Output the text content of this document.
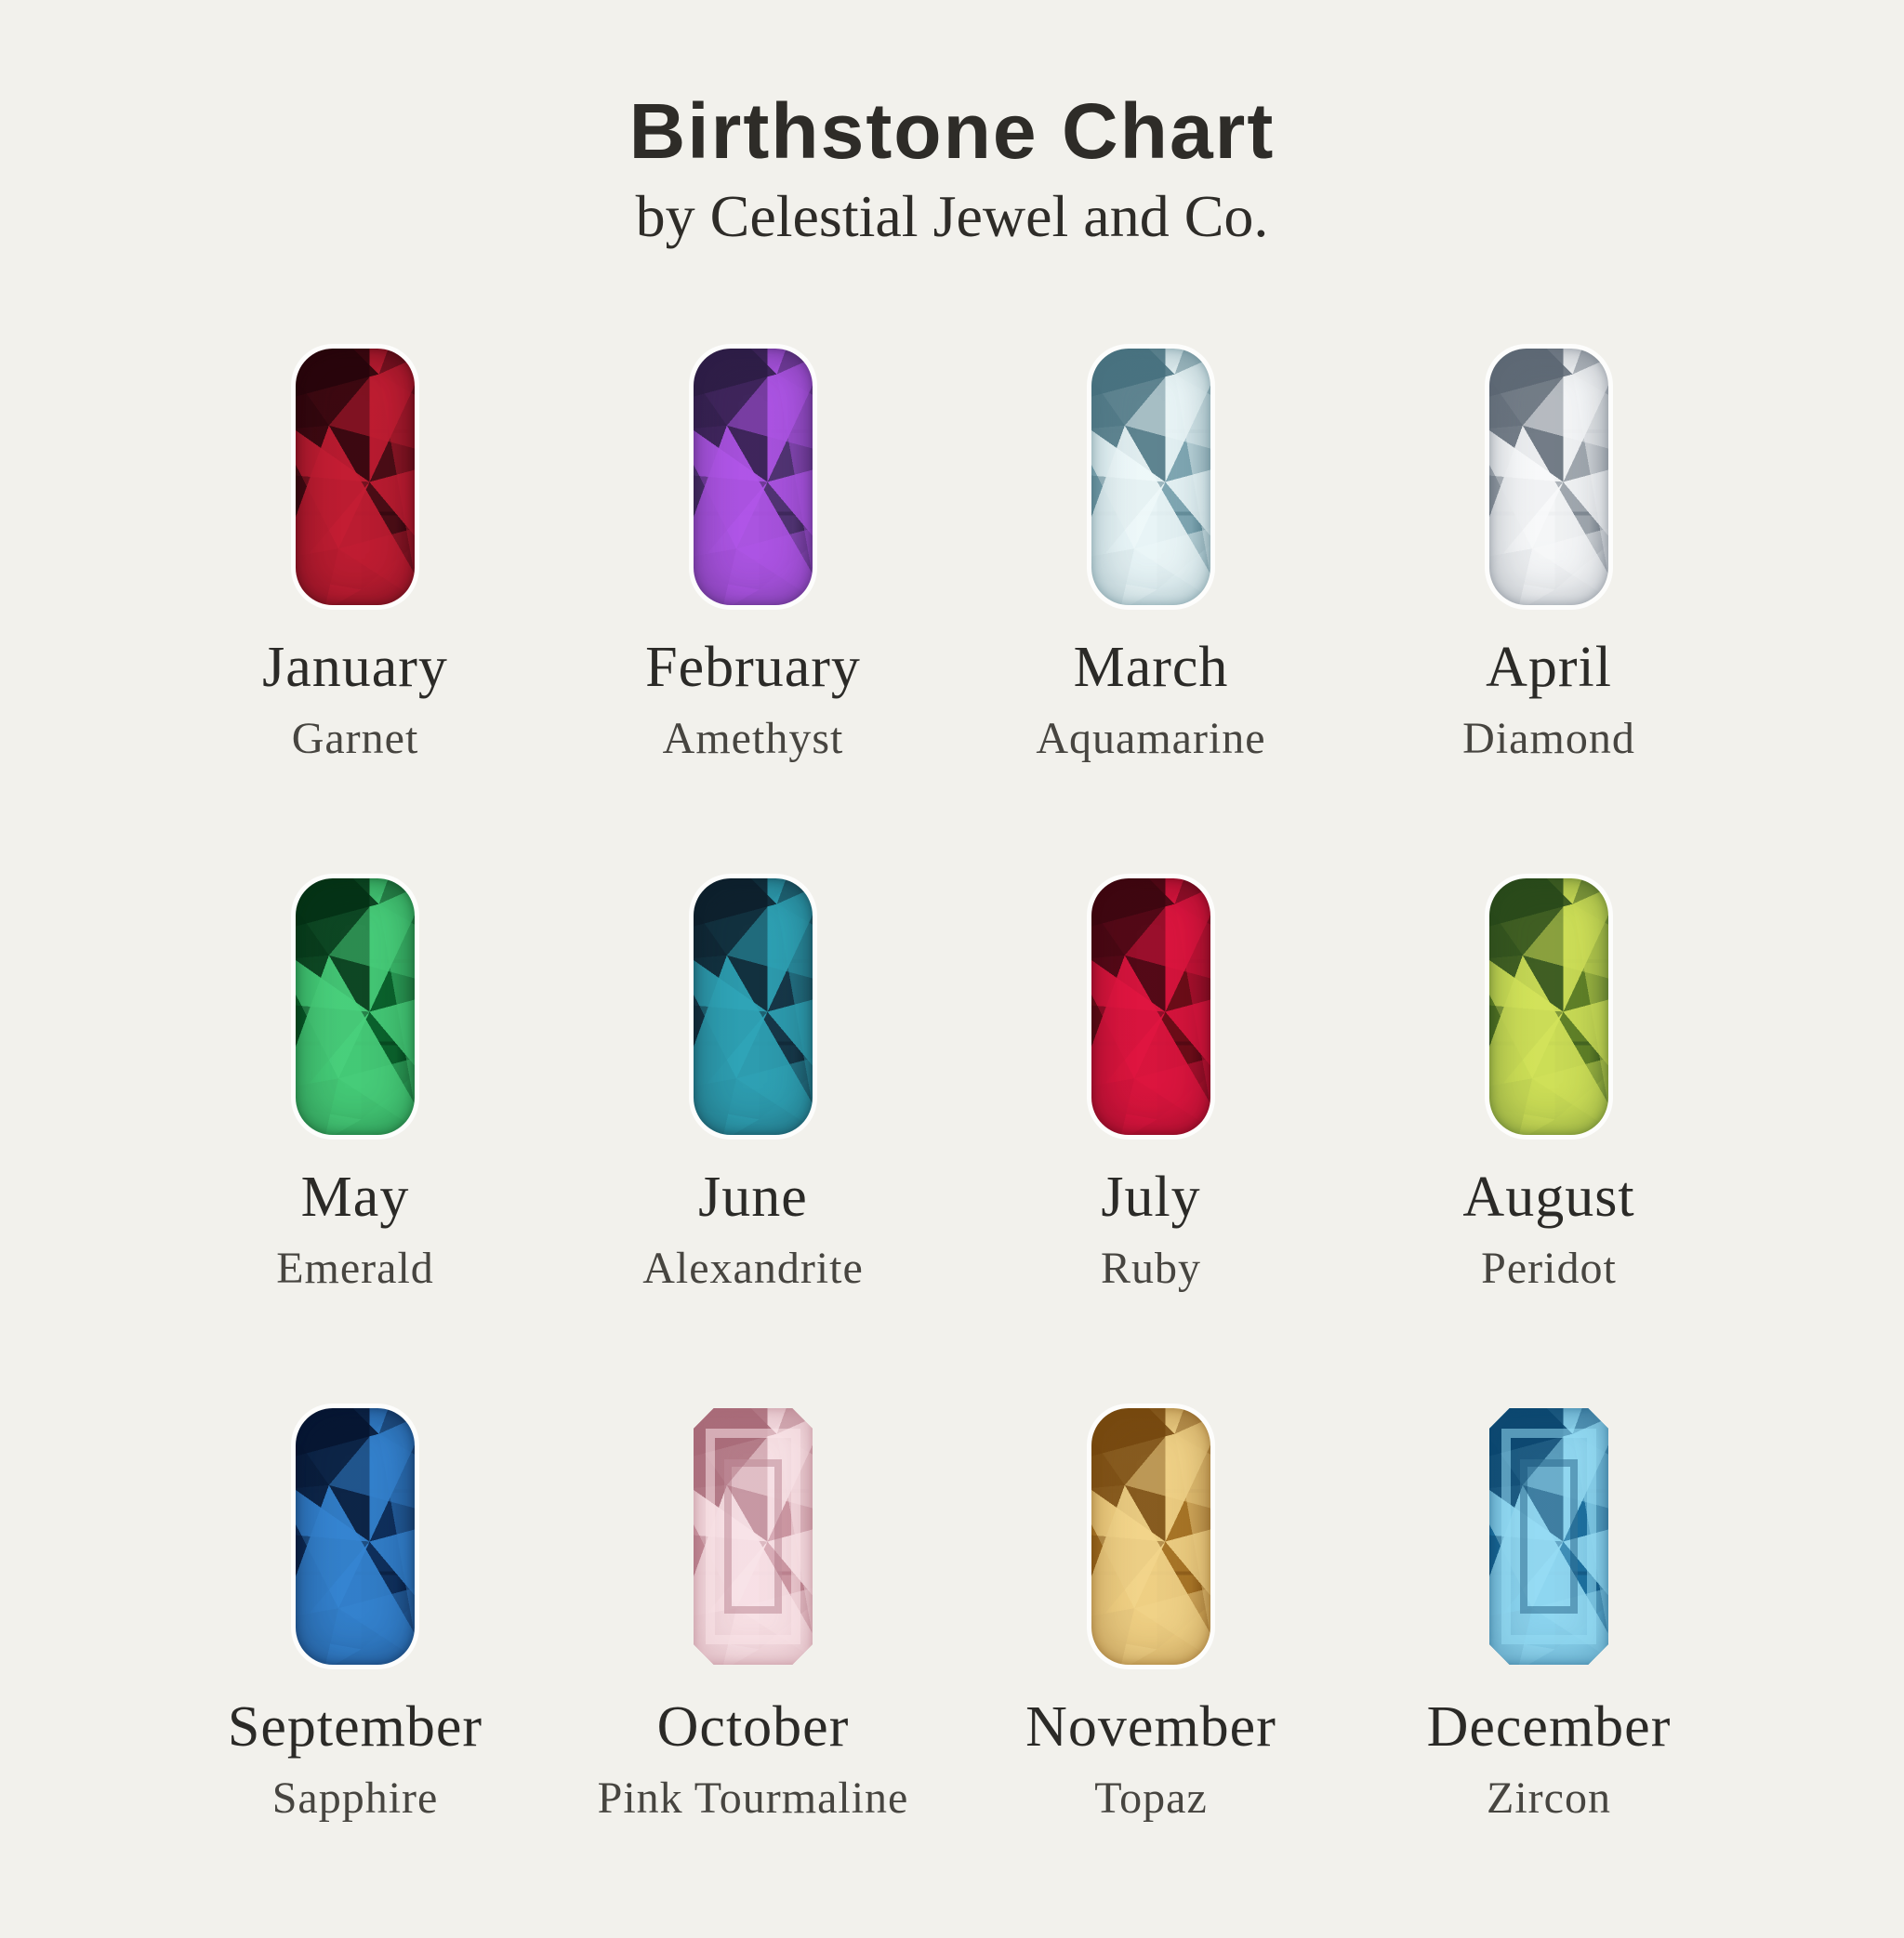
Birthstone Chart
by Celestial Jewel and Co.
January
Garnet
February
Amethyst
March
Aquamarine
April
Diamond
May
Emerald
June
Alexandrite
July
Ruby
August
Peridot
September
Sapphire
October
Pink Tourmaline
November
Topaz
December
Zircon
